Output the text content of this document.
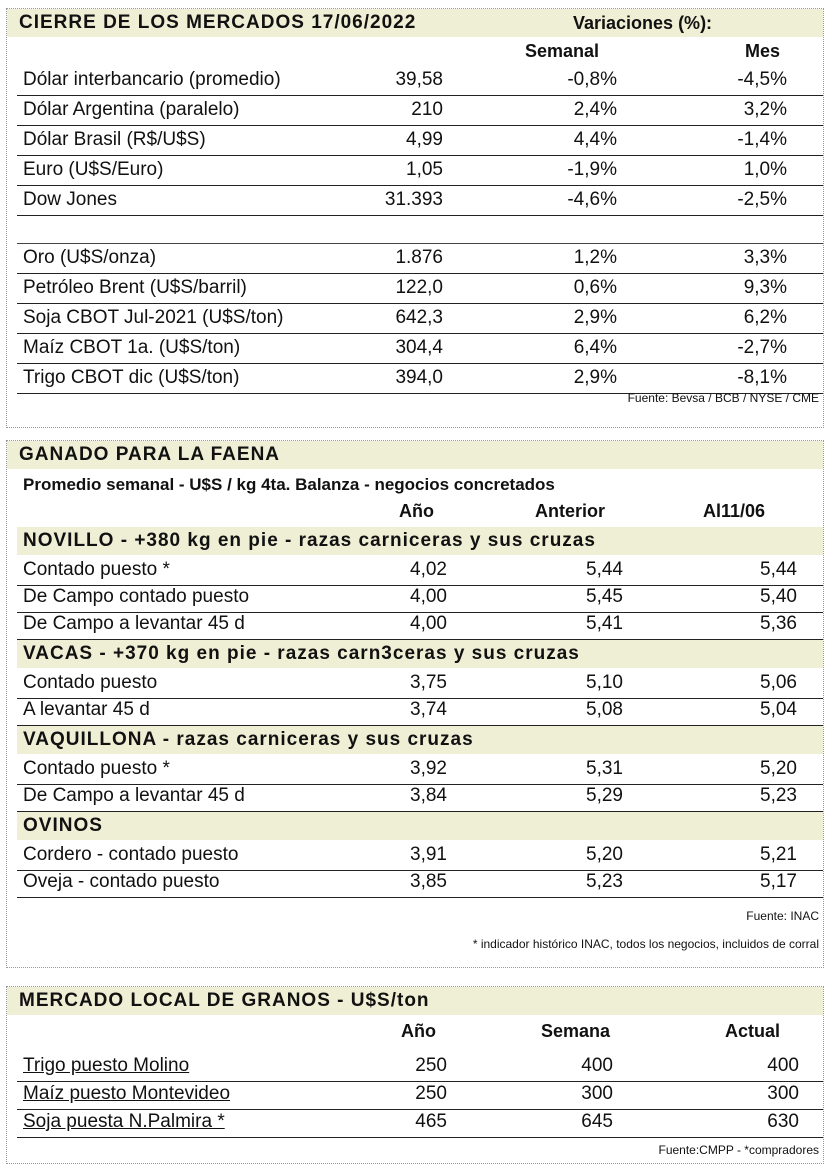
CIERRE DE LOS MERCADOS 17/06/2022	Variaciones (%):
Semanal	Mes
Dólar interbancario (promedio)	39,58	-0,8%	-4,5%
Dólar Argentina (paralelo)	210	2,4%	3,2%
Dólar Brasil (R$/U$S)	4,99	4,4%	-1,4%
Euro (U$S/Euro)	1,05	-1,9%	1,0%
Dow Jones	31.393	-4,6%	-2,5%
Oro (U$S/onza)	1.876	1,2%	3,3%
Petróleo Brent (U$S/barril)	122,0	0,6%	9,3%
Soja CBOT Jul-2021 (U$S/ton)	642,3	2,9%	6,2%
Maíz CBOT 1a. (U$S/ton)	304,4	6,4%	-2,7%
Trigo CBOT dic (U$S/ton)	394,0	2,9%	-8,1%
Fuente: Bevsa / BCB / NYSE / CME
GANADO PARA LA FAENA
Promedio semanal - U$S / kg 4ta. Balanza - negocios concretados
Año	Anterior	Al11/06
NOVILLO - +380 kg en pie - razas carniceras y sus cruzas
Contado puesto *	4,02	5,44	5,44
De Campo contado puesto	4,00	5,45	5,40
De Campo a levantar 45 d	4,00	5,41	5,36
VACAS - +370 kg en pie - razas carn3ceras y sus cruzas
Contado puesto	3,75	5,10	5,06
A levantar 45 d	3,74	5,08	5,04
VAQUILLONA - razas carniceras y sus cruzas
Contado puesto *	3,92	5,31	5,20
De Campo a levantar 45 d	3,84	5,29	5,23
OVINOS
Cordero - contado puesto	3,91	5,20	5,21
Oveja - contado puesto	3,85	5,23	5,17
Fuente: INAC
* indicador histórico INAC, todos los negocios, incluidos de corral
MERCADO LOCAL DE GRANOS - U$S/ton
Año	Semana	Actual
Trigo puesto Molino	250	400	400
Maíz puesto Montevideo	250	300	300
Soja puesta N.Palmira *	465	645	630
Fuente:CMPP - *compradores
